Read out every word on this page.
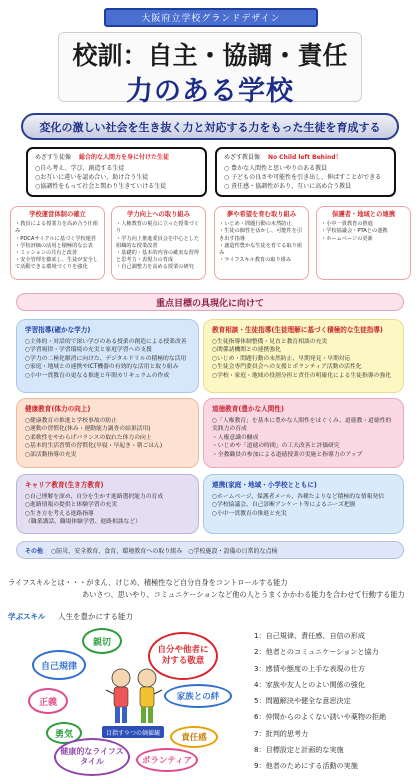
大阪府立学校グランドデザイン
校訓：自主・協調・責任
力のある学校
変化の激しい社会を生き抜く力と対応する力をもった生徒を育成する
めざす生徒像 総合的な人間力を身に付けた生徒
○自ら考え、学び、創造する生徒
○お互いに違いを認め合い、助け合う生徒
○協調性をもって社会と関わり生きていける生徒
めざす教員像 No Child left Behind！
○ 豊かな人間性と思いやりのある教員
○ 子どもの良さや可能性を引き出し、伸ばすことができる
○ 責任感・協調性があり、互いに高め合う教員
学校運営体制の確立
・教員による授業力を高め合う仕組み
・PDCAサイクルに基づく学校運営
・学校評価の活用と積極的な公表
・ミッションの共有と改善
・安全管理を徹底し、生徒が安全して活動できる環境づくりを強化
学力向上への取り組み
・人権教育の視点に立った授業づくり
・学力向上推進委員会を中心とした組織的な授業改善
・基礎的・基本的内容の確実な習得と思考力・表現力の育成
・自己調整力を高める授業の研究
夢や希望を育む取り組み
・いじめ・問題行動の未然防止
・生徒の個性を活かし、可能性を引き出す指導
・創造性豊かな生徒を育てる取り組み
・ライフスキル教育の取り組み
保護者・地域との連携
・小中一貫教育の推進
・学校協議会・PTAとの連携
・ホームページの更新
重点目標の具現化に向けて
学習指導(確かな学力)
○主体的・対話的で深い学びのある授業の創造による授業改善
○学習規律・学習環境の充実と家庭学習への支援
○学力の二極化解消に向けた、デジタルドリルの積極的な活用
○家庭・地域との連携やICT機器の有効的な活用と取り組み
○小中一貫教育の更なる推進と年間カリキュラムの作成
教育相談・生徒指導(生徒理解に基づく積極的な生徒指導)
○生徒指導体制整備・見直と教育相談の充実
○関係諸機関との連携強化
○いじめ・問題行動の未然防止、早期発見・早期対応
○生徒会専門委員会への支援とボランティア活動の活性化
○学校・家庭・地域の役割分担と責任の明確化による生徒指導の強化
健康教育(体力の向上)
○健康教育の推進と学校事故の防止
○運動の習慣化(休み・運動能力調査の結果活用)
○柔軟性をやわらげパランスの取れた体力の向上
○基本的生活習慣の習慣化(早寝・早起き・朝ごはん)
○部活動指導の充実
道徳教育(豊かな人間性)
○「人権教育」を基本に豊かな人間性をはぐくみ、道徳教・道徳性的実践力の育成
・人権意識の醸成
・いじめや「道徳の時間」の工夫改善と評価研究
・全教職員の参加による道徳授業の実施と指導力のアップ
キャリア教育(生き方教育)
○自己理解を深め、自分を生かす進路選択能力の育成
○進路情報の提供と体験学習の充実
○生き方を考える進路指導
（職業講話、職場体験学習、進路相談など）
連携(家庭・地域・小学校とともに)
○ホームページ、保護者メール、各種たよりなど積極的な情報発信
○学校協議会、自己診断アンケート等によるニーズ把握
○小中一貫教育の推進と充実
その他 ○防災、安全教育、食育、環境教育への取り組み　○学校施設・設備の日常的な点検
ライフスキルとは・・・がまん、けじめ、積極性など自分自身をコントロールする能力
あいさつ、思いやり、コミュニケーションなど他の人とうまくかかわる能力を合わせて行動する能力
学ぶスキル 人生を豊かにする能力
親切
自己規律
自分や他者に対する敬意
正義
家族との絆
勇気	責任感
健康的なライフスタイル	ボランティア
目指す９つの価値観
1：自己規律、責任感、自信の形成
2：他者とのコミュニケーションと協力
3：感情や態度の上手な表現の仕方
4：家族や友人とのよい関係の強化
5：問題解決や健全な意思決定
6：仲間からのよくない誘いや薬物の拒絶
7：批判的思考力
8：目標設定と計画的な実施
9：他者のためにする活動の実施
